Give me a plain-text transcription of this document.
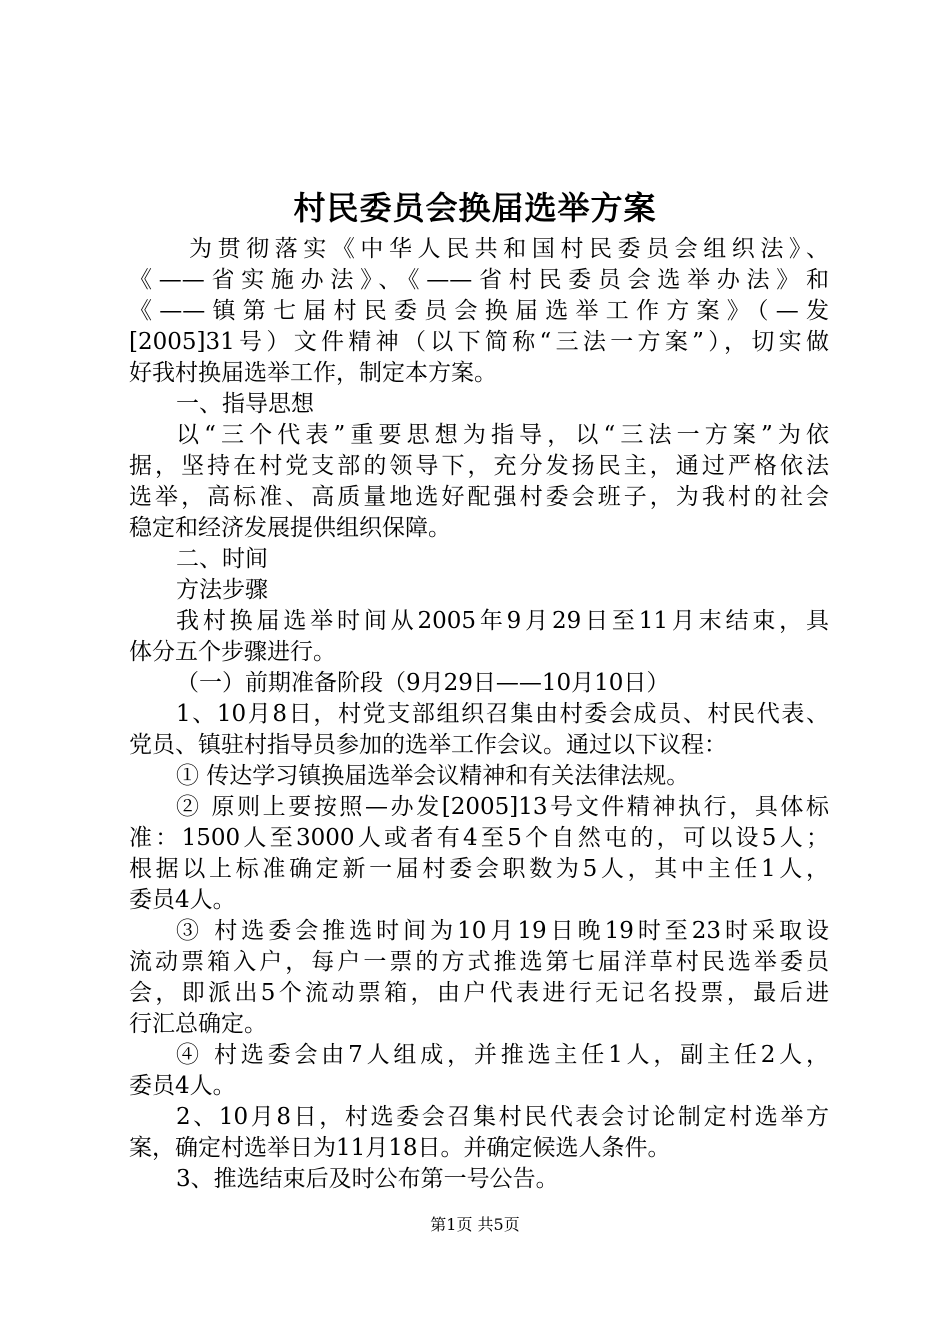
村民委员会换届选举方案

为贯彻落实《中华人民共和国村民委员会组织法》、

《——省实施办法》、《——省村民委员会选举办法》和

《——镇第七届村民委员会换届选举工作方案》（—发

[2005]31号）文件精神（以下简称“三法一方案”），切实做

好我村换届选举工作，制定本方案。

一、指导思想

以“三个代表”重要思想为指导，以“三法一方案”为依

据，坚持在村党支部的领导下，充分发扬民主，通过严格依法

选举，高标准、高质量地选好配强村委会班子，为我村的社会

稳定和经济发展提供组织保障。

二、时间

方法步骤

我村换届选举时间从2005年9月29日至11月末结束，具

体分五个步骤进行。

（一）前期准备阶段（9月29日——10月10日）

1、10月8日，村党支部组织召集由村委会成员、村民代表、

党员、镇驻村指导员参加的选举工作会议。通过以下议程：

① 传达学习镇换届选举会议精神和有关法律法规。

② 原则上要按照—办发[2005]13号文件精神执行，具体标

准：1500人至3000人或者有4至5个自然屯的，可以设5人；

根据以上标准确定新一届村委会职数为5人，其中主任1人，

委员4人。

③ 村选委会推选时间为10月19日晚19时至23时采取设

流动票箱入户，每户一票的方式推选第七届洋草村民选举委员

会，即派出5个流动票箱，由户代表进行无记名投票，最后进

行汇总确定。

④ 村选委会由7人组成，并推选主任1人，副主任2人，

委员4人。

2、10月8日，村选委会召集村民代表会讨论制定村选举方

案，确定村选举日为11月18日。并确定候选人条件。

3、推选结束后及时公布第一号公告。

第1页 共5页
